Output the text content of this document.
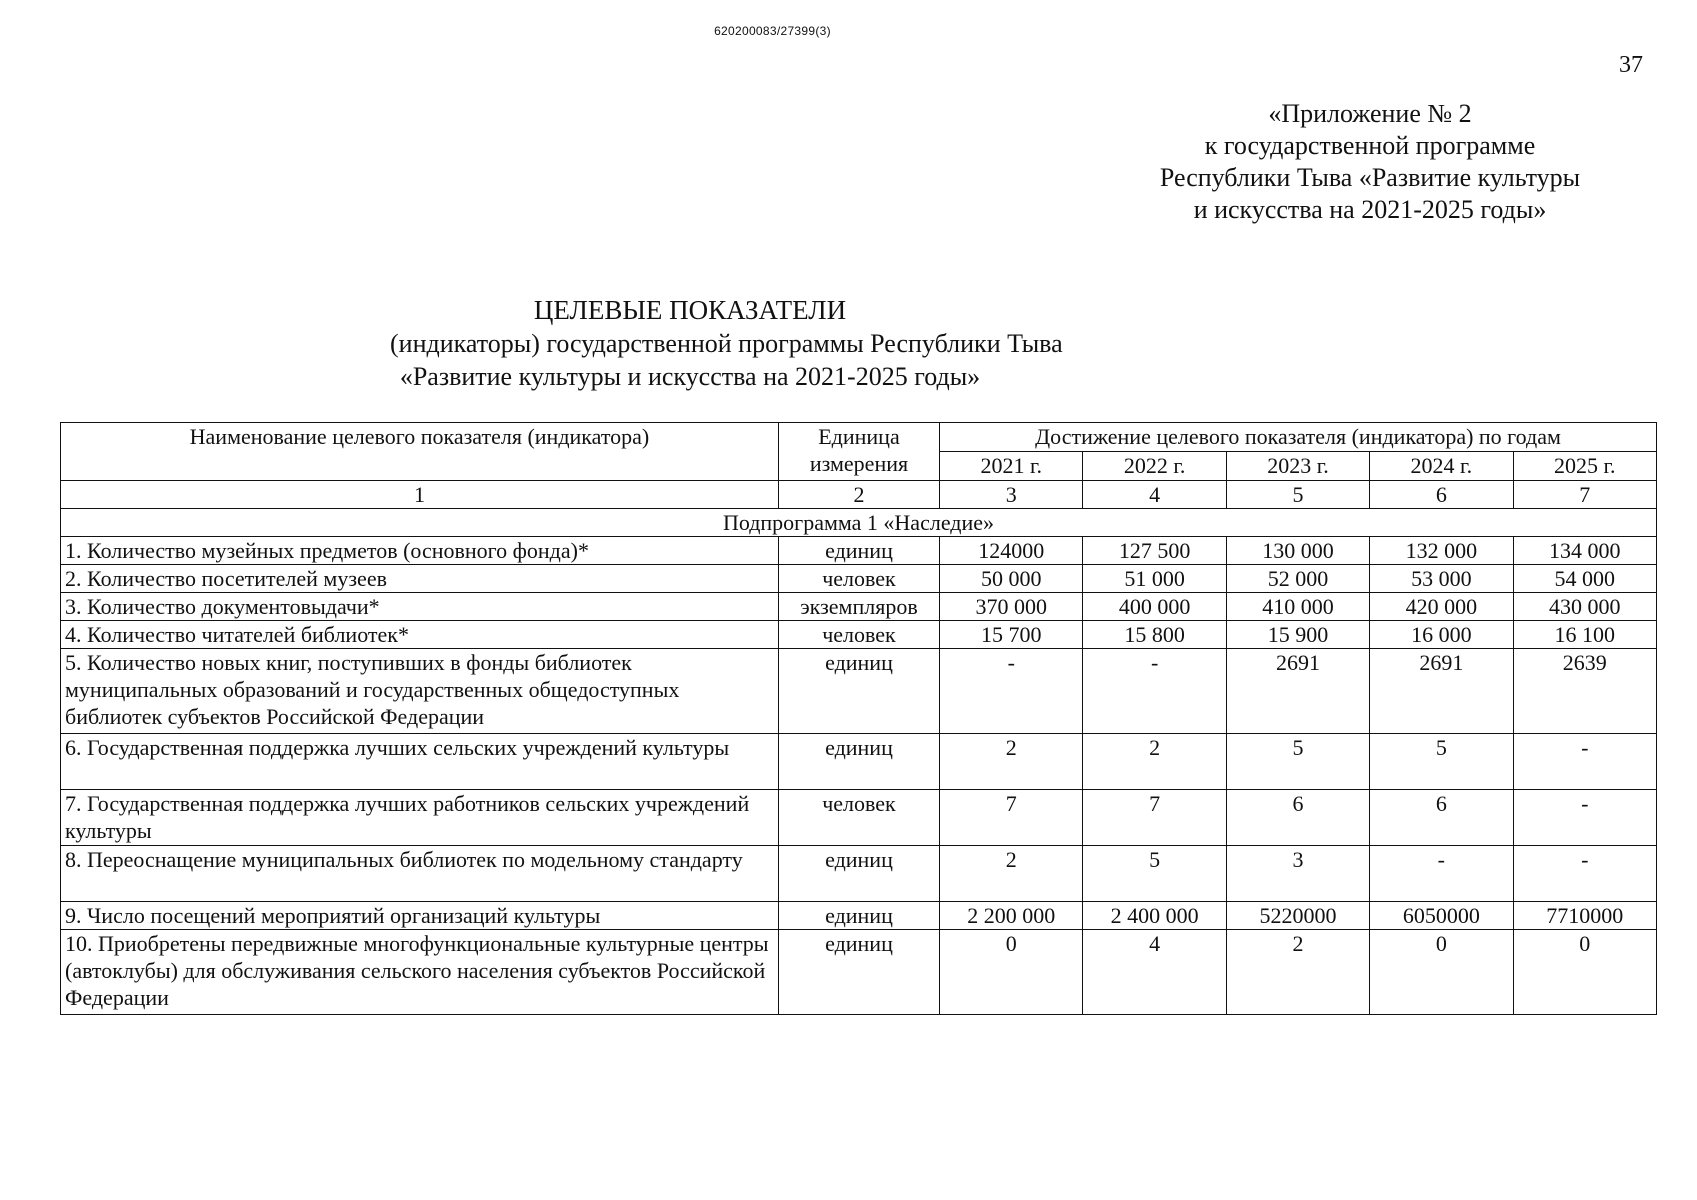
620200083/27399(3)
37
«Приложение № 2
к государственной программе
Республики Тыва «Развитие культуры
и искусства на 2021-2025 годы»
ЦЕЛЕВЫЕ ПОКАЗАТЕЛИ
(индикаторы) государственной программы Республики Тыва
«Развитие культуры и искусства на 2021-2025 годы»
Наименование целевого показателя (индикатора)	Единица измерения	Достижение целевого показателя (индикатора) по годам				
		2021 г.	2022 г.	2023 г.	2024 г.	2025 г.
1	2	3	4	5	6	7
Подпрограмма 1 «Наследие»						
1. Количество музейных предметов (основного фонда)*	единиц	124000	127 500	130 000	132 000	134 000
2. Количество посетителей музеев	человек	50 000	51 000	52 000	53 000	54 000
3. Количество документовыдачи*	экземпляров	370 000	400 000	410 000	420 000	430 000
4. Количество читателей библиотек*	человек	15 700	15 800	15 900	16 000	16 100
5. Количество новых книг, поступивших в фонды библиотек муниципальных образований и государственных общедоступных библиотек субъектов Российской Федерации	единиц	-	-	2691	2691	2639
6. Государственная поддержка лучших сельских учреждений культуры	единиц	2	2	5	5	-
7. Государственная поддержка лучших работников сельских учреждений культуры	человек	7	7	6	6	-
8. Переоснащение муниципальных библиотек по модельному стандарту	единиц	2	5	3	-	-
9. Число посещений мероприятий организаций культуры	единиц	2 200 000	2 400 000	5220000	6050000	7710000
10. Приобретены передвижные многофункциональные культурные центры (автоклубы) для обслуживания сельского населения субъектов Российской Федерации	единиц	0	4	2	0	0
